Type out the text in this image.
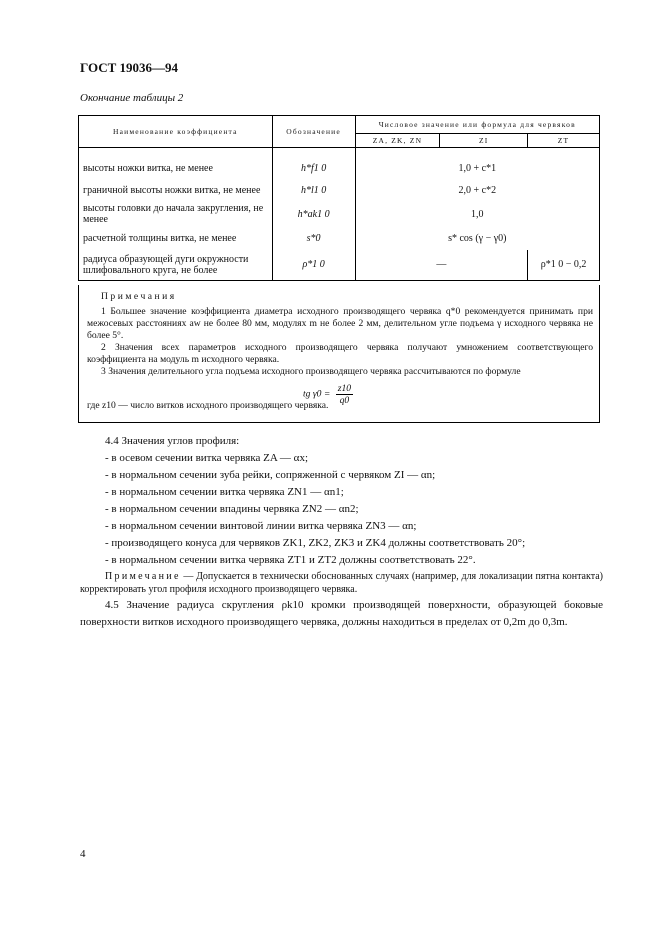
ГОСТ 19036—94
Окончание таблицы 2
Наименование коэффициента	Обозначение	Числовое значение или формула для червяков		
		ZA, ZK, ZN	ZI	ZT

высоты ножки витка, не менее	h*f1 0	1,0 + c*1		
граничной высоты ножки витка, не менее	h*l1 0	2,0 + c*2		
высоты головки до начала закругления, не менее	h*ak1 0	1,0		
расчетной толщины витка, не менее	s*0	s* cos (γ − γ0)		
радиуса образующей дуги окружности шлифовального круга, не более	ρ*1 0	—		ρ*1 0 − 0,2
Примечания

1 Большее значение коэффициента диаметра исходного производящего червяка q*0 рекомендуется принимать при межосевых расстояниях aw не более 80 мм, модулях m не более 2 мм, делительном угле подъема γ исходного червяка не более 5°.

2 Значения всех параметров исходного производящего червяка получают умножением соответствующего коэффициента на модуль m исходного червяка.

3 Значения делительного угла подъема исходного производящего червяка рассчитываются по формуле

tg $\gamma 0 = \frac{z10}{q0}$

где z10 — число витков исходного производящего червяка.

4.4 Значения углов профиля:
- в осевом сечении витка червяка ZA — αx;
- в нормальном сечении зуба рейки, сопряженной с червяком ZI — αn;
- в нормальном сечении витка червяка ZN1 — αn1;
- в нормальном сечении впадины червяка ZN2 — αn2;
- в нормальном сечении винтовой линии витка червяка ZN3 — αn;
- производящего конуса для червяков ZK1, ZK2, ZK3 и ZK4 должны соответствовать 20°;
- в нормальном сечении витка червяка ZT1 и ZT2 должны соответствовать 22°.
Примечание — Допускается в технически обоснованных случаях (например, для локализации пятна контакта) корректировать угол профиля исходного производящего червяка.
4.5 Значение радиуса скругления ρk10 кромки производящей поверхности, образующей боковые поверхности витков исходного производящего червяка, должны находиться в пределах от 0,2m до 0,3m.
4
